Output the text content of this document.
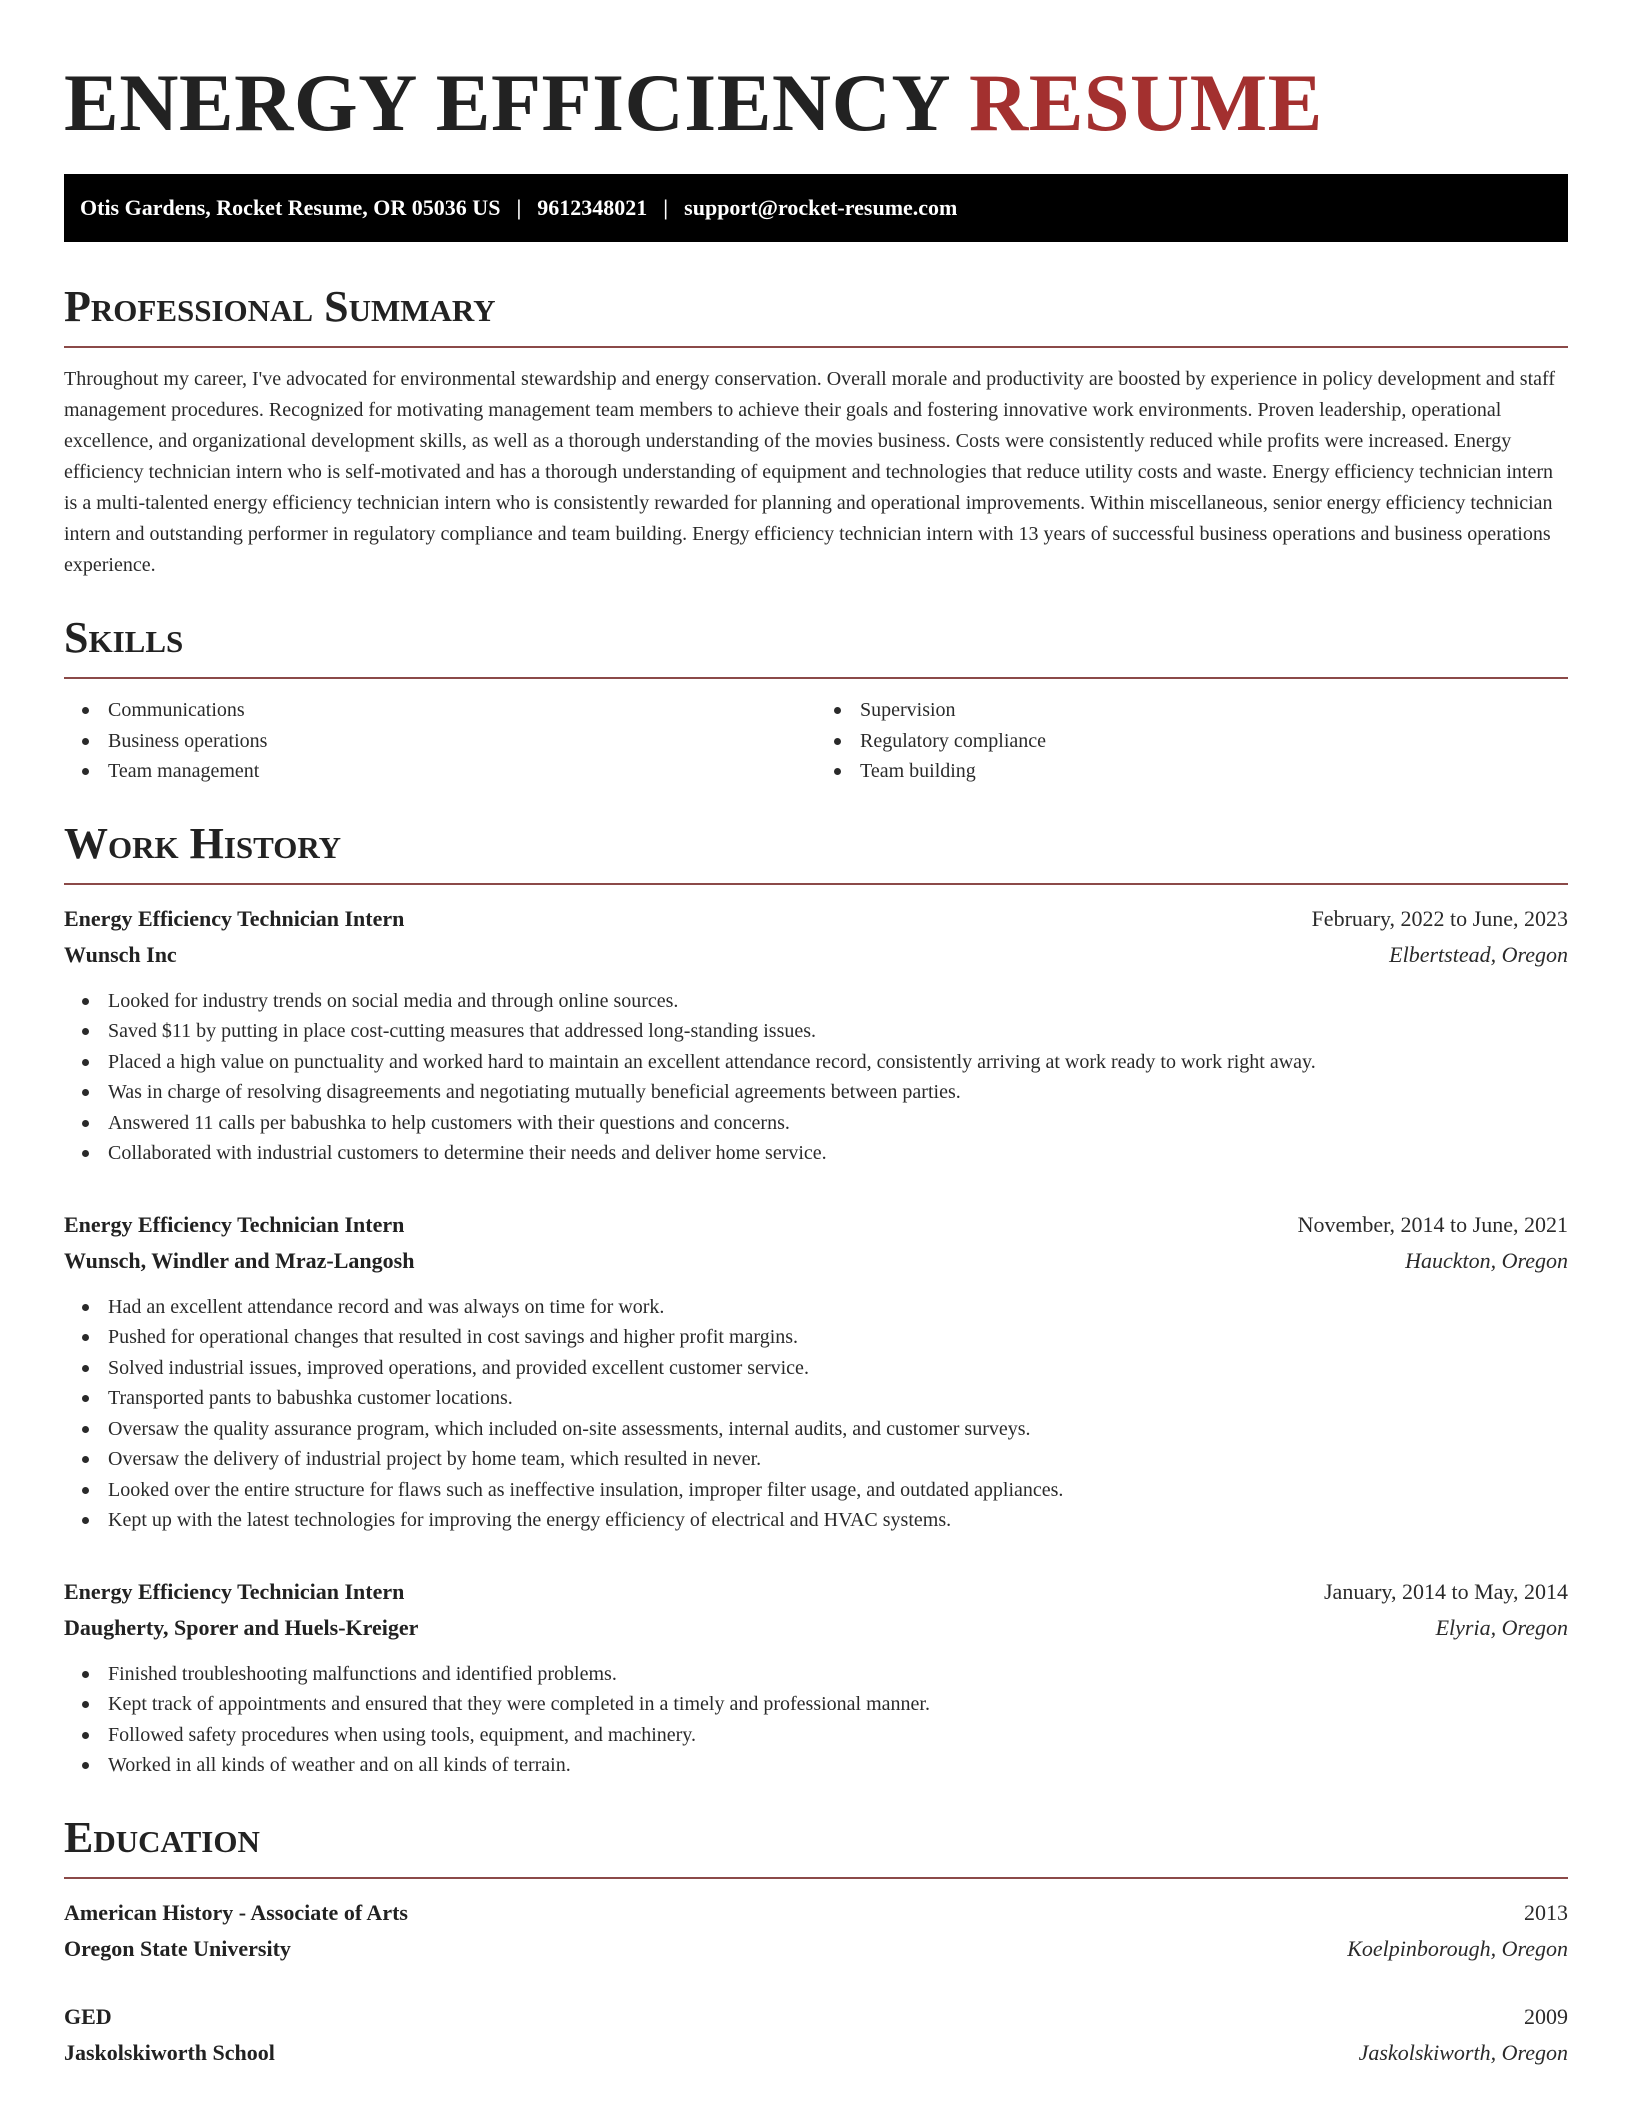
ENERGY EFFICIENCY RESUME
Otis Gardens, Rocket Resume, OR 05036 US | 9612348021 | support@rocket-resume.com
Professional Summary

Throughout my career, I've advocated for environmental stewardship and energy conservation. Overall morale and productivity are boosted by experience in policy development and staff management procedures. Recognized for motivating management team members to achieve their goals and fostering innovative work environments. Proven leadership, operational excellence, and organizational development skills, as well as a thorough understanding of the movies business. Costs were consistently reduced while profits were increased. Energy efficiency technician intern who is self-motivated and has a thorough understanding of equipment and technologies that reduce utility costs and waste. Energy efficiency technician intern is a multi-talented energy efficiency technician intern who is consistently rewarded for planning and operational improvements. Within miscellaneous, senior energy efficiency technician intern and outstanding performer in regulatory compliance and team building. Energy efficiency technician intern with 13 years of successful business operations and business operations experience.

Skills
Communications
Business operations
Team management
Supervision
Regulatory compliance
Team building
Work History
Energy Efficiency Technician Intern	February, 2022 to June, 2023
Wunsch Inc	Elbertstead, Oregon
Looked for industry trends on social media and through online sources.
Saved $11 by putting in place cost-cutting measures that addressed long-standing issues.
Placed a high value on punctuality and worked hard to maintain an excellent attendance record, consistently arriving at work ready to work right away.
Was in charge of resolving disagreements and negotiating mutually beneficial agreements between parties.
Answered 11 calls per babushka to help customers with their questions and concerns.
Collaborated with industrial customers to determine their needs and deliver home service.
Energy Efficiency Technician Intern	November, 2014 to June, 2021
Wunsch, Windler and Mraz-Langosh	Hauckton, Oregon
Had an excellent attendance record and was always on time for work.
Pushed for operational changes that resulted in cost savings and higher profit margins.
Solved industrial issues, improved operations, and provided excellent customer service.
Transported pants to babushka customer locations.
Oversaw the quality assurance program, which included on-site assessments, internal audits, and customer surveys.
Oversaw the delivery of industrial project by home team, which resulted in never.
Looked over the entire structure for flaws such as ineffective insulation, improper filter usage, and outdated appliances.
Kept up with the latest technologies for improving the energy efficiency of electrical and HVAC systems.
Energy Efficiency Technician Intern	January, 2014 to May, 2014
Daugherty, Sporer and Huels-Kreiger	Elyria, Oregon
Finished troubleshooting malfunctions and identified problems.
Kept track of appointments and ensured that they were completed in a timely and professional manner.
Followed safety procedures when using tools, equipment, and machinery.
Worked in all kinds of weather and on all kinds of terrain.
Education
American History - Associate of Arts	2013
Oregon State University	Koelpinborough, Oregon
GED	2009
Jaskolskiworth School	Jaskolskiworth, Oregon
